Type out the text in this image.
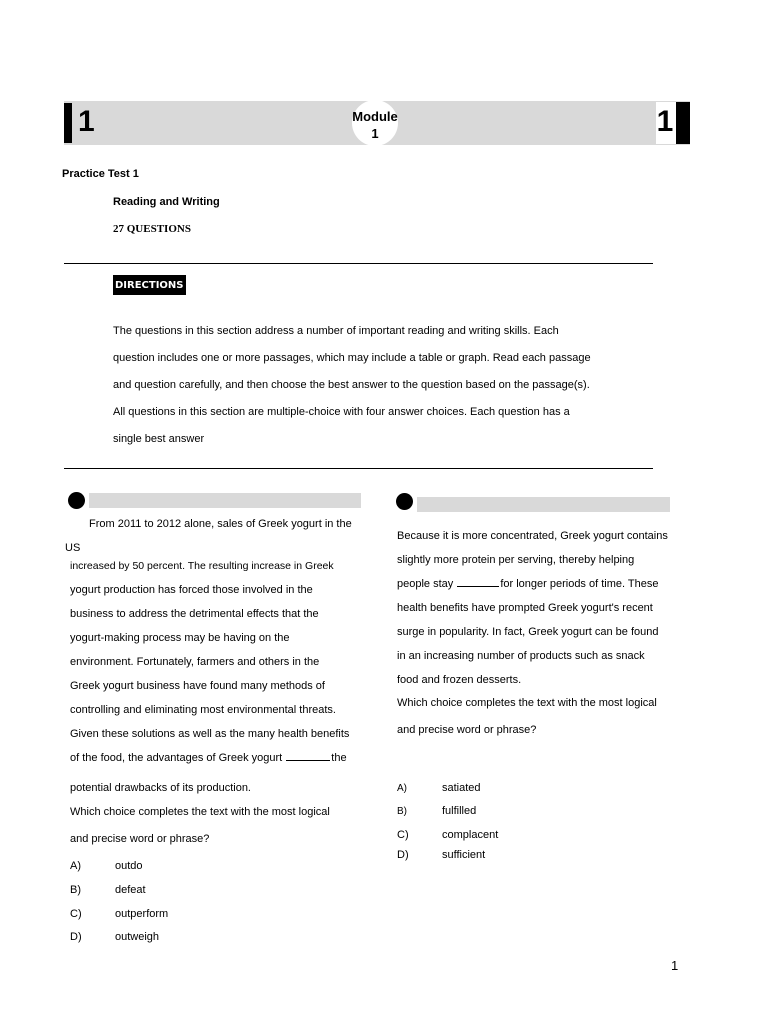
1	Module
1	1
Practice Test 1
Reading and Writing
27 QUESTIONS
DIRECTIONS
The questions in this section address a number of important reading and writing skills. Each
question includes one or more passages, which may include a table or graph. Read each passage
and question carefully, and then choose the best answer to the question based on the passage(s).
All questions in this section are multiple-choice with four answer choices. Each question has a
single best answer
From 2011 to 2012 alone, sales of Greek yogurt in the
US
increased by 50 percent. The resulting increase in Greek
yogurt production has forced those involved in the
business to address the detrimental effects that the
yogurt-making process may be having on the
environment. Fortunately, farmers and others in the
Greek yogurt business have found many methods of
controlling and eliminating most environmental threats.
Given these solutions as well as the many health benefits
of the food, the advantages of Greek yogurt	the
potential drawbacks of its production.
Which choice completes the text with the most logical
and precise word or phrase?
A)	outdo
B)	defeat
C)	outperform
D)	outweigh
Because it is more concentrated, Greek yogurt contains
slightly more protein per serving, thereby helping
people stay	for longer periods of time. These
health benefits have prompted Greek yogurt's recent
surge in popularity. In fact, Greek yogurt can be found
in an increasing number of products such as snack
food and frozen desserts.
Which choice completes the text with the most logical
and precise word or phrase?
A)	satiated
B)	fulfilled
C)	complacent
D)	sufficient
1
